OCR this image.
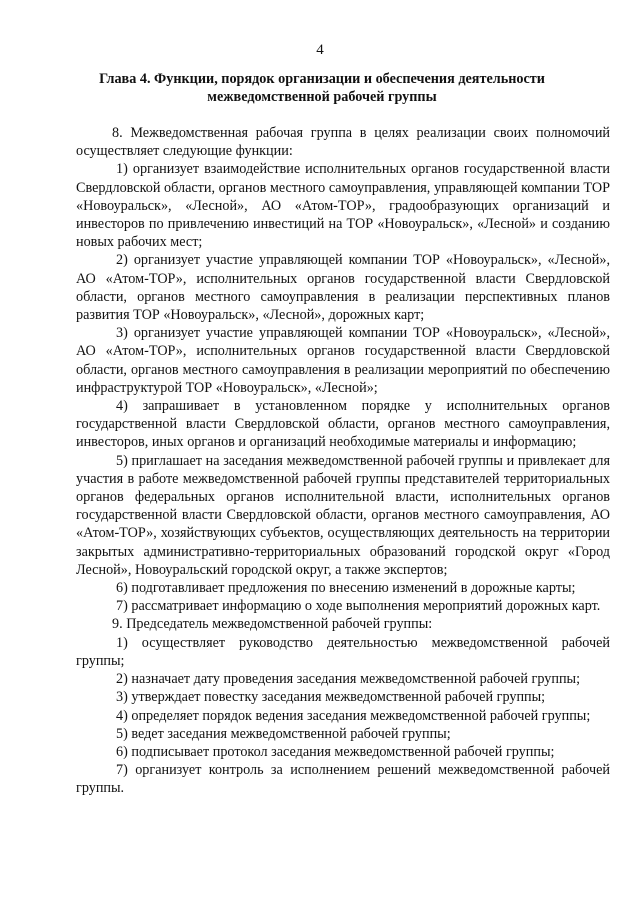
4
Глава 4. Функции, порядок организации и обеспечения деятельности межведомственной рабочей группы

8. Межведомственная рабочая группа в целях реализации своих полномочий осуществляет следующие функции:

1) организует взаимодействие исполнительных органов государственной власти Свердловской области, органов местного самоуправления, управляющей компании ТОР «Новоуральск», «Лесной», АО «Атом-ТОР», градообразующих организаций и инвесторов по привлечению инвестиций на ТОР «Новоуральск», «Лесной» и созданию новых рабочих мест;

2) организует участие управляющей компании ТОР «Новоуральск», «Лесной», АО «Атом-ТОР», исполнительных органов государственной власти Свердловской области, органов местного самоуправления в реализации перспективных планов развития ТОР «Новоуральск», «Лесной», дорожных карт;

3) организует участие управляющей компании ТОР «Новоуральск», «Лесной», АО «Атом-ТОР», исполнительных органов государственной власти Свердловской области, органов местного самоуправления в реализации мероприятий по обеспечению инфраструктурой ТОР «Новоуральск», «Лесной»;

4) запрашивает в установленном порядке у исполнительных органов государственной власти Свердловской области, органов местного самоуправления, инвесторов, иных органов и организаций необходимые материалы и информацию;

5) приглашает на заседания межведомственной рабочей группы и привлекает для участия в работе межведомственной рабочей группы представителей территориальных органов федеральных органов исполнительной власти, исполнительных органов государственной власти Свердловской области, органов местного самоуправления, АО «Атом-ТОР», хозяйствующих субъектов, осуществляющих деятельность на территории закрытых административно-территориальных образований городской округ «Город Лесной», Новоуральский городской округ, а также экспертов;

6) подготавливает предложения по внесению изменений в дорожные карты;

7) рассматривает информацию о ходе выполнения мероприятий дорожных карт.

9. Председатель межведомственной рабочей группы:

1) осуществляет руководство деятельностью межведомственной рабочей группы;

2) назначает дату проведения заседания межведомственной рабочей группы;

3) утверждает повестку заседания межведомственной рабочей группы;

4) определяет порядок ведения заседания межведомственной рабочей группы;

5) ведет заседания межведомственной рабочей группы;

6) подписывает протокол заседания межведомственной рабочей группы;

7) организует контроль за исполнением решений межведомственной рабочей группы.
